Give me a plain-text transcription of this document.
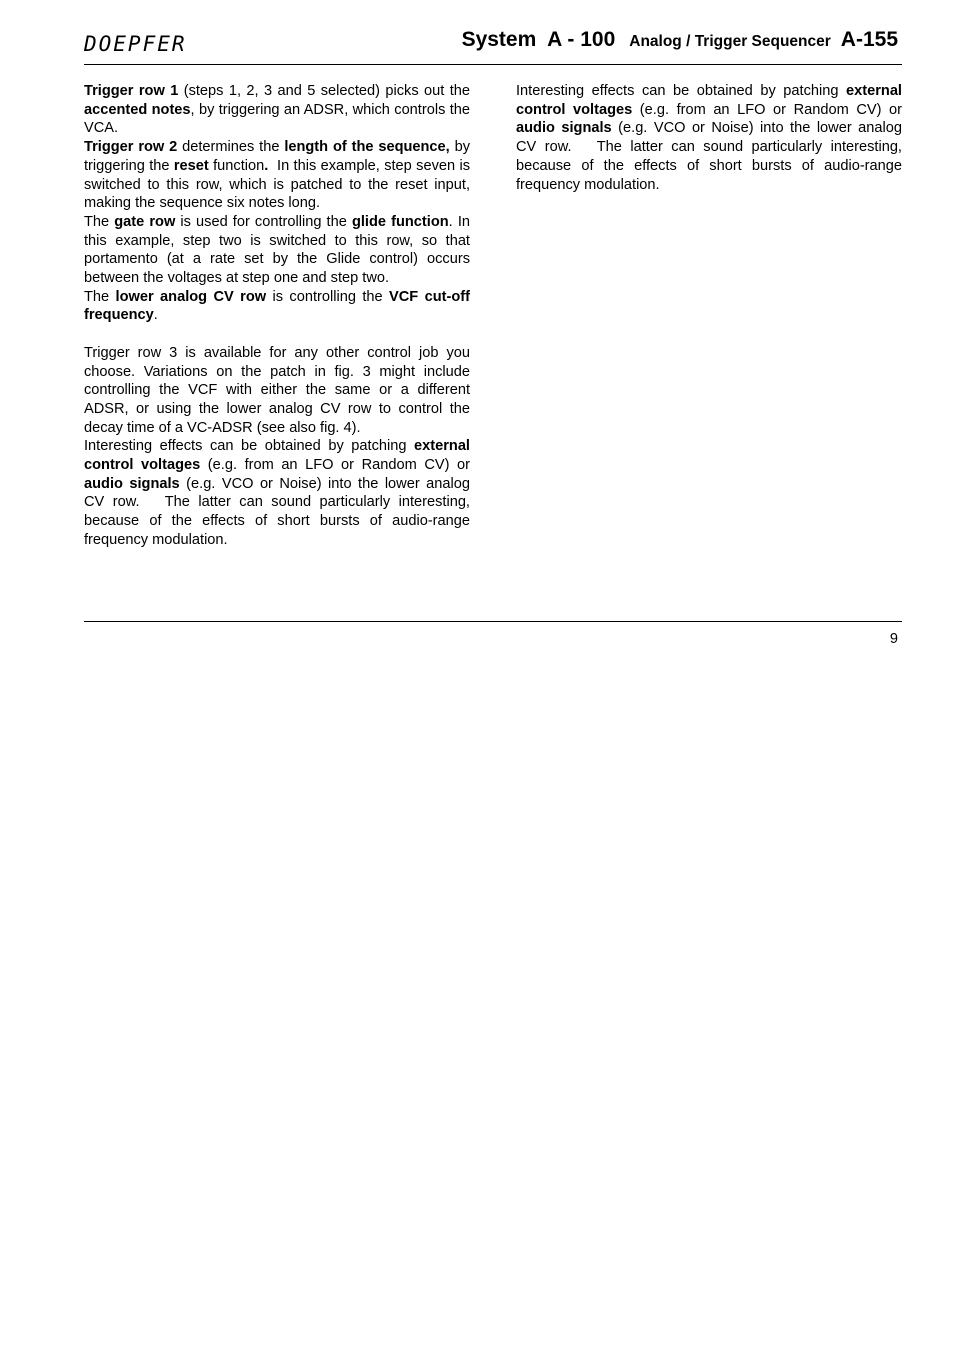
DOEPFER	System  A - 100 Analog / Trigger Sequencer A-155

Trigger row 1 (steps 1, 2, 3 and 5 selected) picks out the accented notes, by triggering an ADSR, which controls the VCA.

Trigger row 2 determines the length of the sequence, by triggering the reset function.  In this example, step seven is switched to this row, which is patched to the reset input, making the sequence six notes long.

The gate row is used for controlling the glide function. In this example, step two is switched to this row, so that portamento (at a rate set by the Glide control) occurs between the voltages at step one and step two.

The lower analog CV row is controlling the VCF cut-off frequency.

Trigger row 3 is available for any other control job you choose. Variations on the patch in fig. 3 might include controlling the VCF with either the same or a different ADSR, or using the lower analog CV row to control the decay time of a VC-ADSR (see also fig. 4).

Interesting effects can be obtained by patching external control voltages (e.g. from an LFO or Random CV) or audio signals (e.g. VCO or Noise) into the lower analog CV row.   The latter can sound particularly interesting, because of the effects of short bursts of audio-range frequency modulation.

Interesting effects can be obtained by patching external control voltages (e.g. from an LFO or Random CV) or audio signals (e.g. VCO or Noise) into the lower analog CV row.   The latter can sound particularly interesting, because of the effects of short bursts of audio-range frequency modulation.

9
